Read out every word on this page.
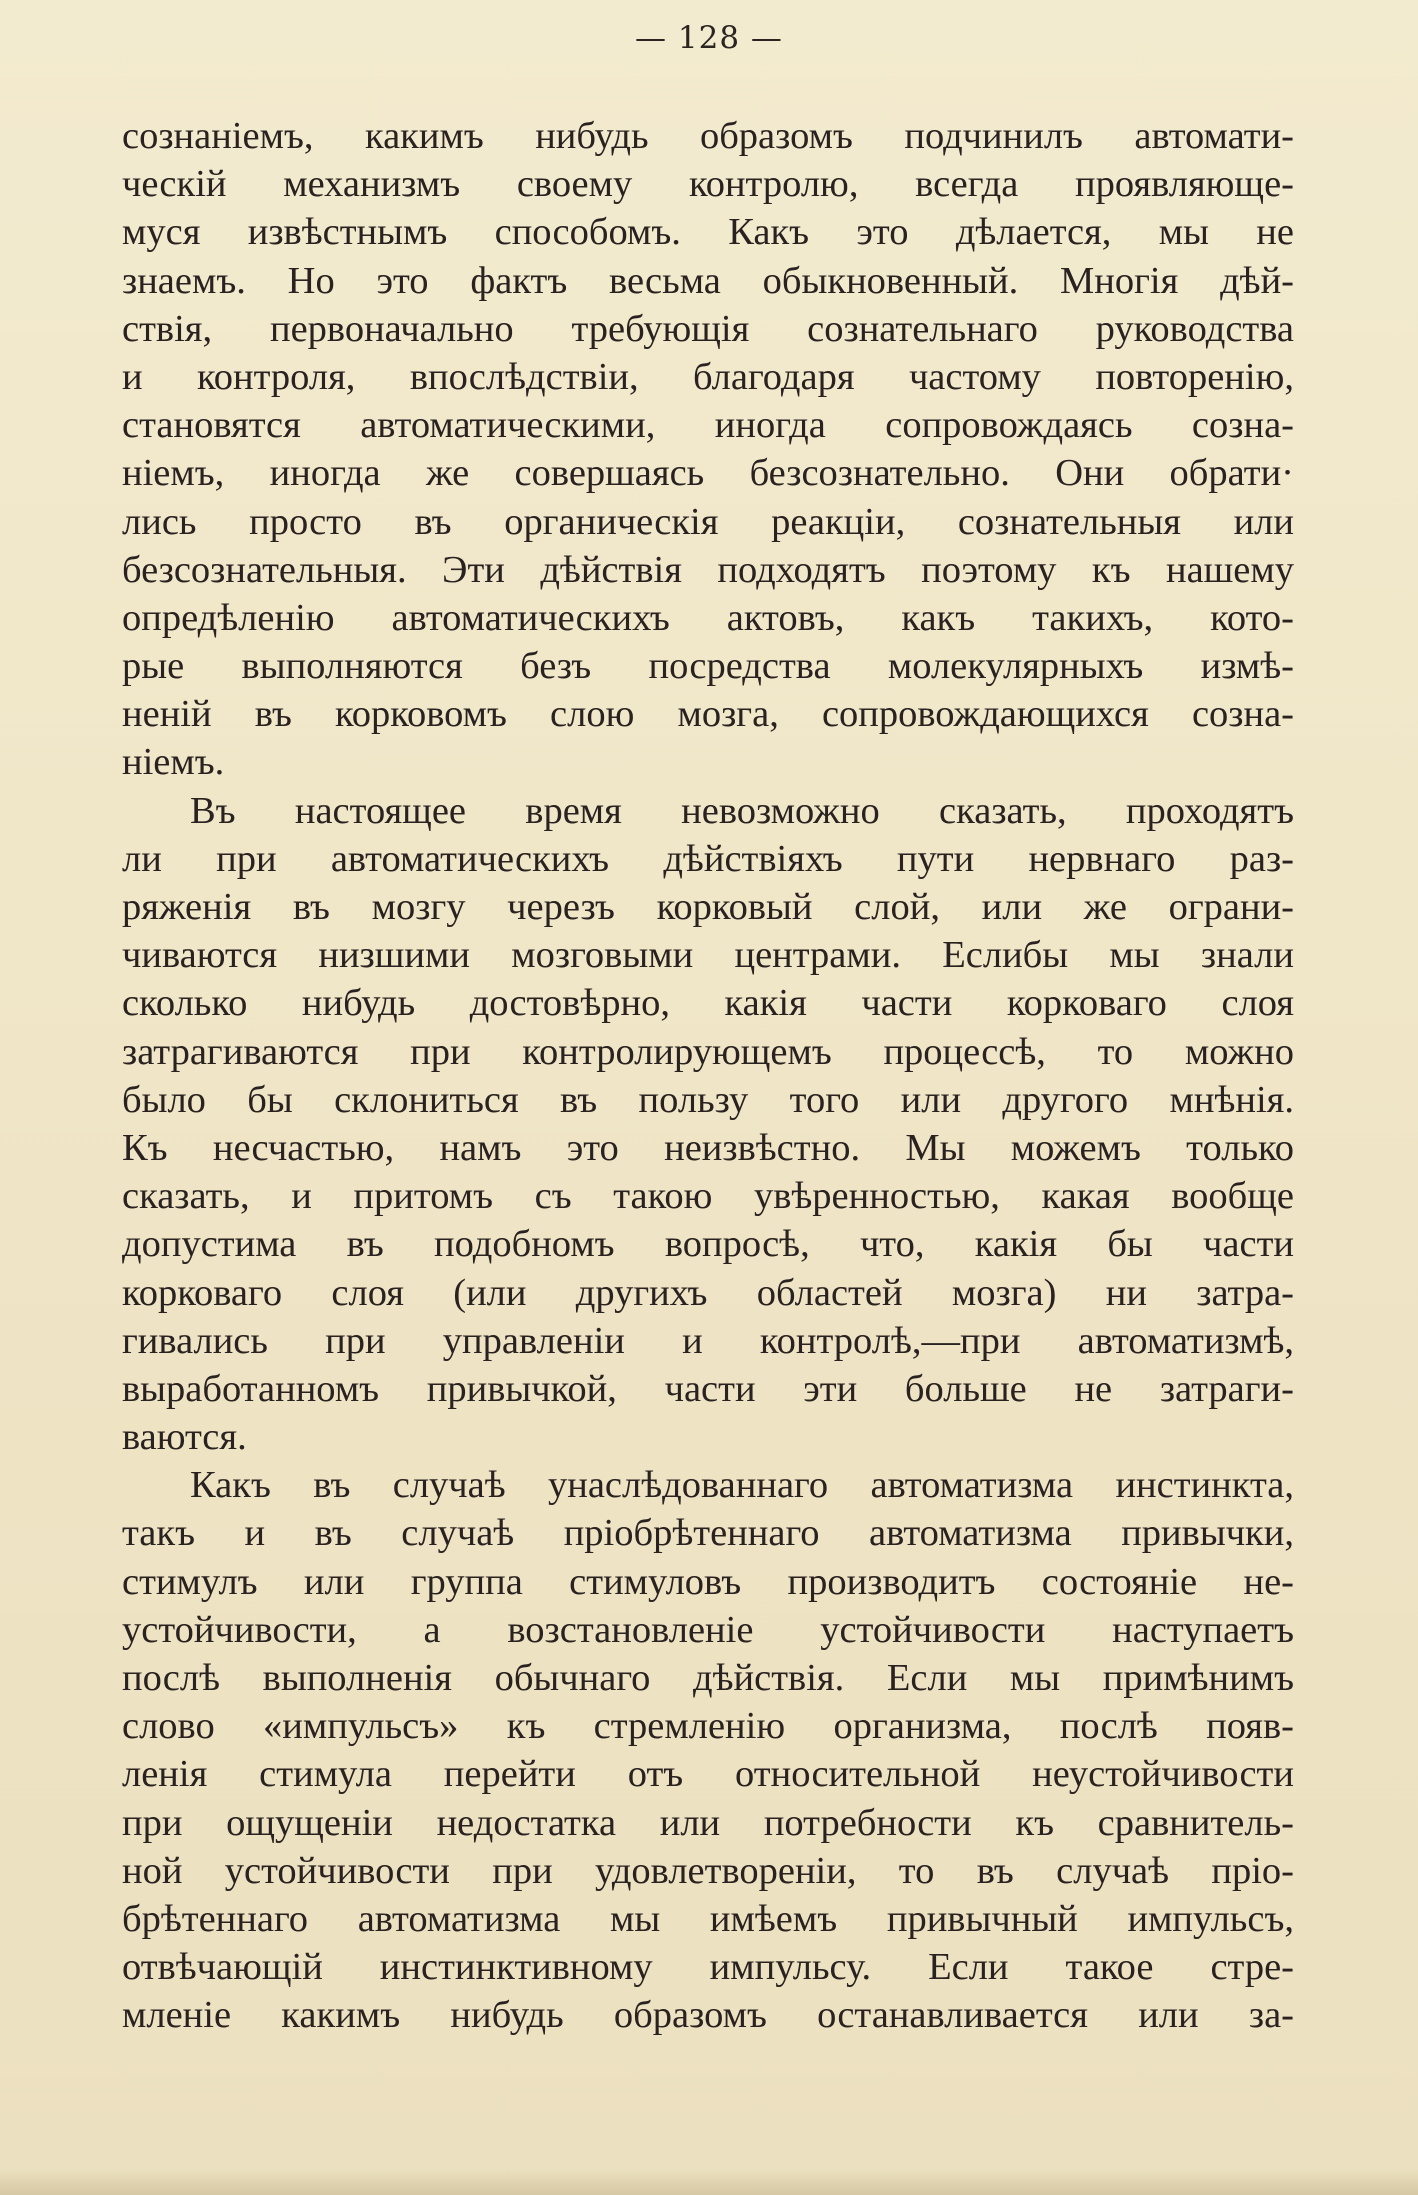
— 128 —
сознаніемъ, какимъ нибудь образомъ подчинилъ автомати-
ческій механизмъ своему контролю, всегда проявляюще-
муся извѣстнымъ способомъ. Какъ это дѣлается, мы не
знаемъ. Но это фактъ весьма обыкновенный. Многія дѣй-
ствія, первоначально требующія сознательнаго руководства
и контроля, впослѣдствіи, благодаря частому повторенію,
становятся автоматическими, иногда сопровождаясь созна-
ніемъ, иногда же совершаясь безсознательно. Они обрати·
лись просто въ органическія реакціи, сознательныя или
безсознательныя. Эти дѣйствія подходятъ поэтому къ нашему
опредѣленію автоматическихъ актовъ, какъ такихъ, кото-
рые выполняются безъ посредства молекулярныхъ измѣ-
неній въ корковомъ слою мозга, сопровождающихся созна-
ніемъ.
Въ настоящее время невозможно сказать, проходятъ
ли при автоматическихъ дѣйствіяхъ пути нервнаго раз-
ряженія въ мозгу черезъ корковый слой, или же ограни-
чиваются низшими мозговыми центрами. Еслибы мы знали
сколько нибудь достовѣрно, какія части корковаго слоя
затрагиваются при контролирующемъ процессѣ, то можно
было бы склониться въ пользу того или другого мнѣнія.
Къ несчастью, намъ это неизвѣстно. Мы можемъ только
сказать, и притомъ съ такою увѣренностью, какая вообще
допустима въ подобномъ вопросѣ, что, какія бы части
корковаго слоя (или другихъ областей мозга) ни затра-
гивались при управленіи и контролѣ,—при автоматизмѣ,
выработанномъ привычкой, части эти больше не затраги-
ваются.
Какъ въ случаѣ унаслѣдованнаго автоматизма инстинкта,
такъ и въ случаѣ пріобрѣтеннаго автоматизма привычки,
стимулъ или группа стимуловъ производитъ состояніе не-
устойчивости, а возстановленіе устойчивости наступаетъ
послѣ выполненія обычнаго дѣйствія. Если мы примѣнимъ
слово «импульсъ» къ стремленію организма, послѣ появ-
ленія стимула перейти отъ относительной неустойчивости
при ощущеніи недостатка или потребности къ сравнитель-
ной устойчивости при удовлетвореніи, то въ случаѣ пріо-
брѣтеннаго автоматизма мы имѣемъ привычный импульсъ,
отвѣчающій инстинктивному импульсу. Если такое стре-
мленіе какимъ нибудь образомъ останавливается или за-
